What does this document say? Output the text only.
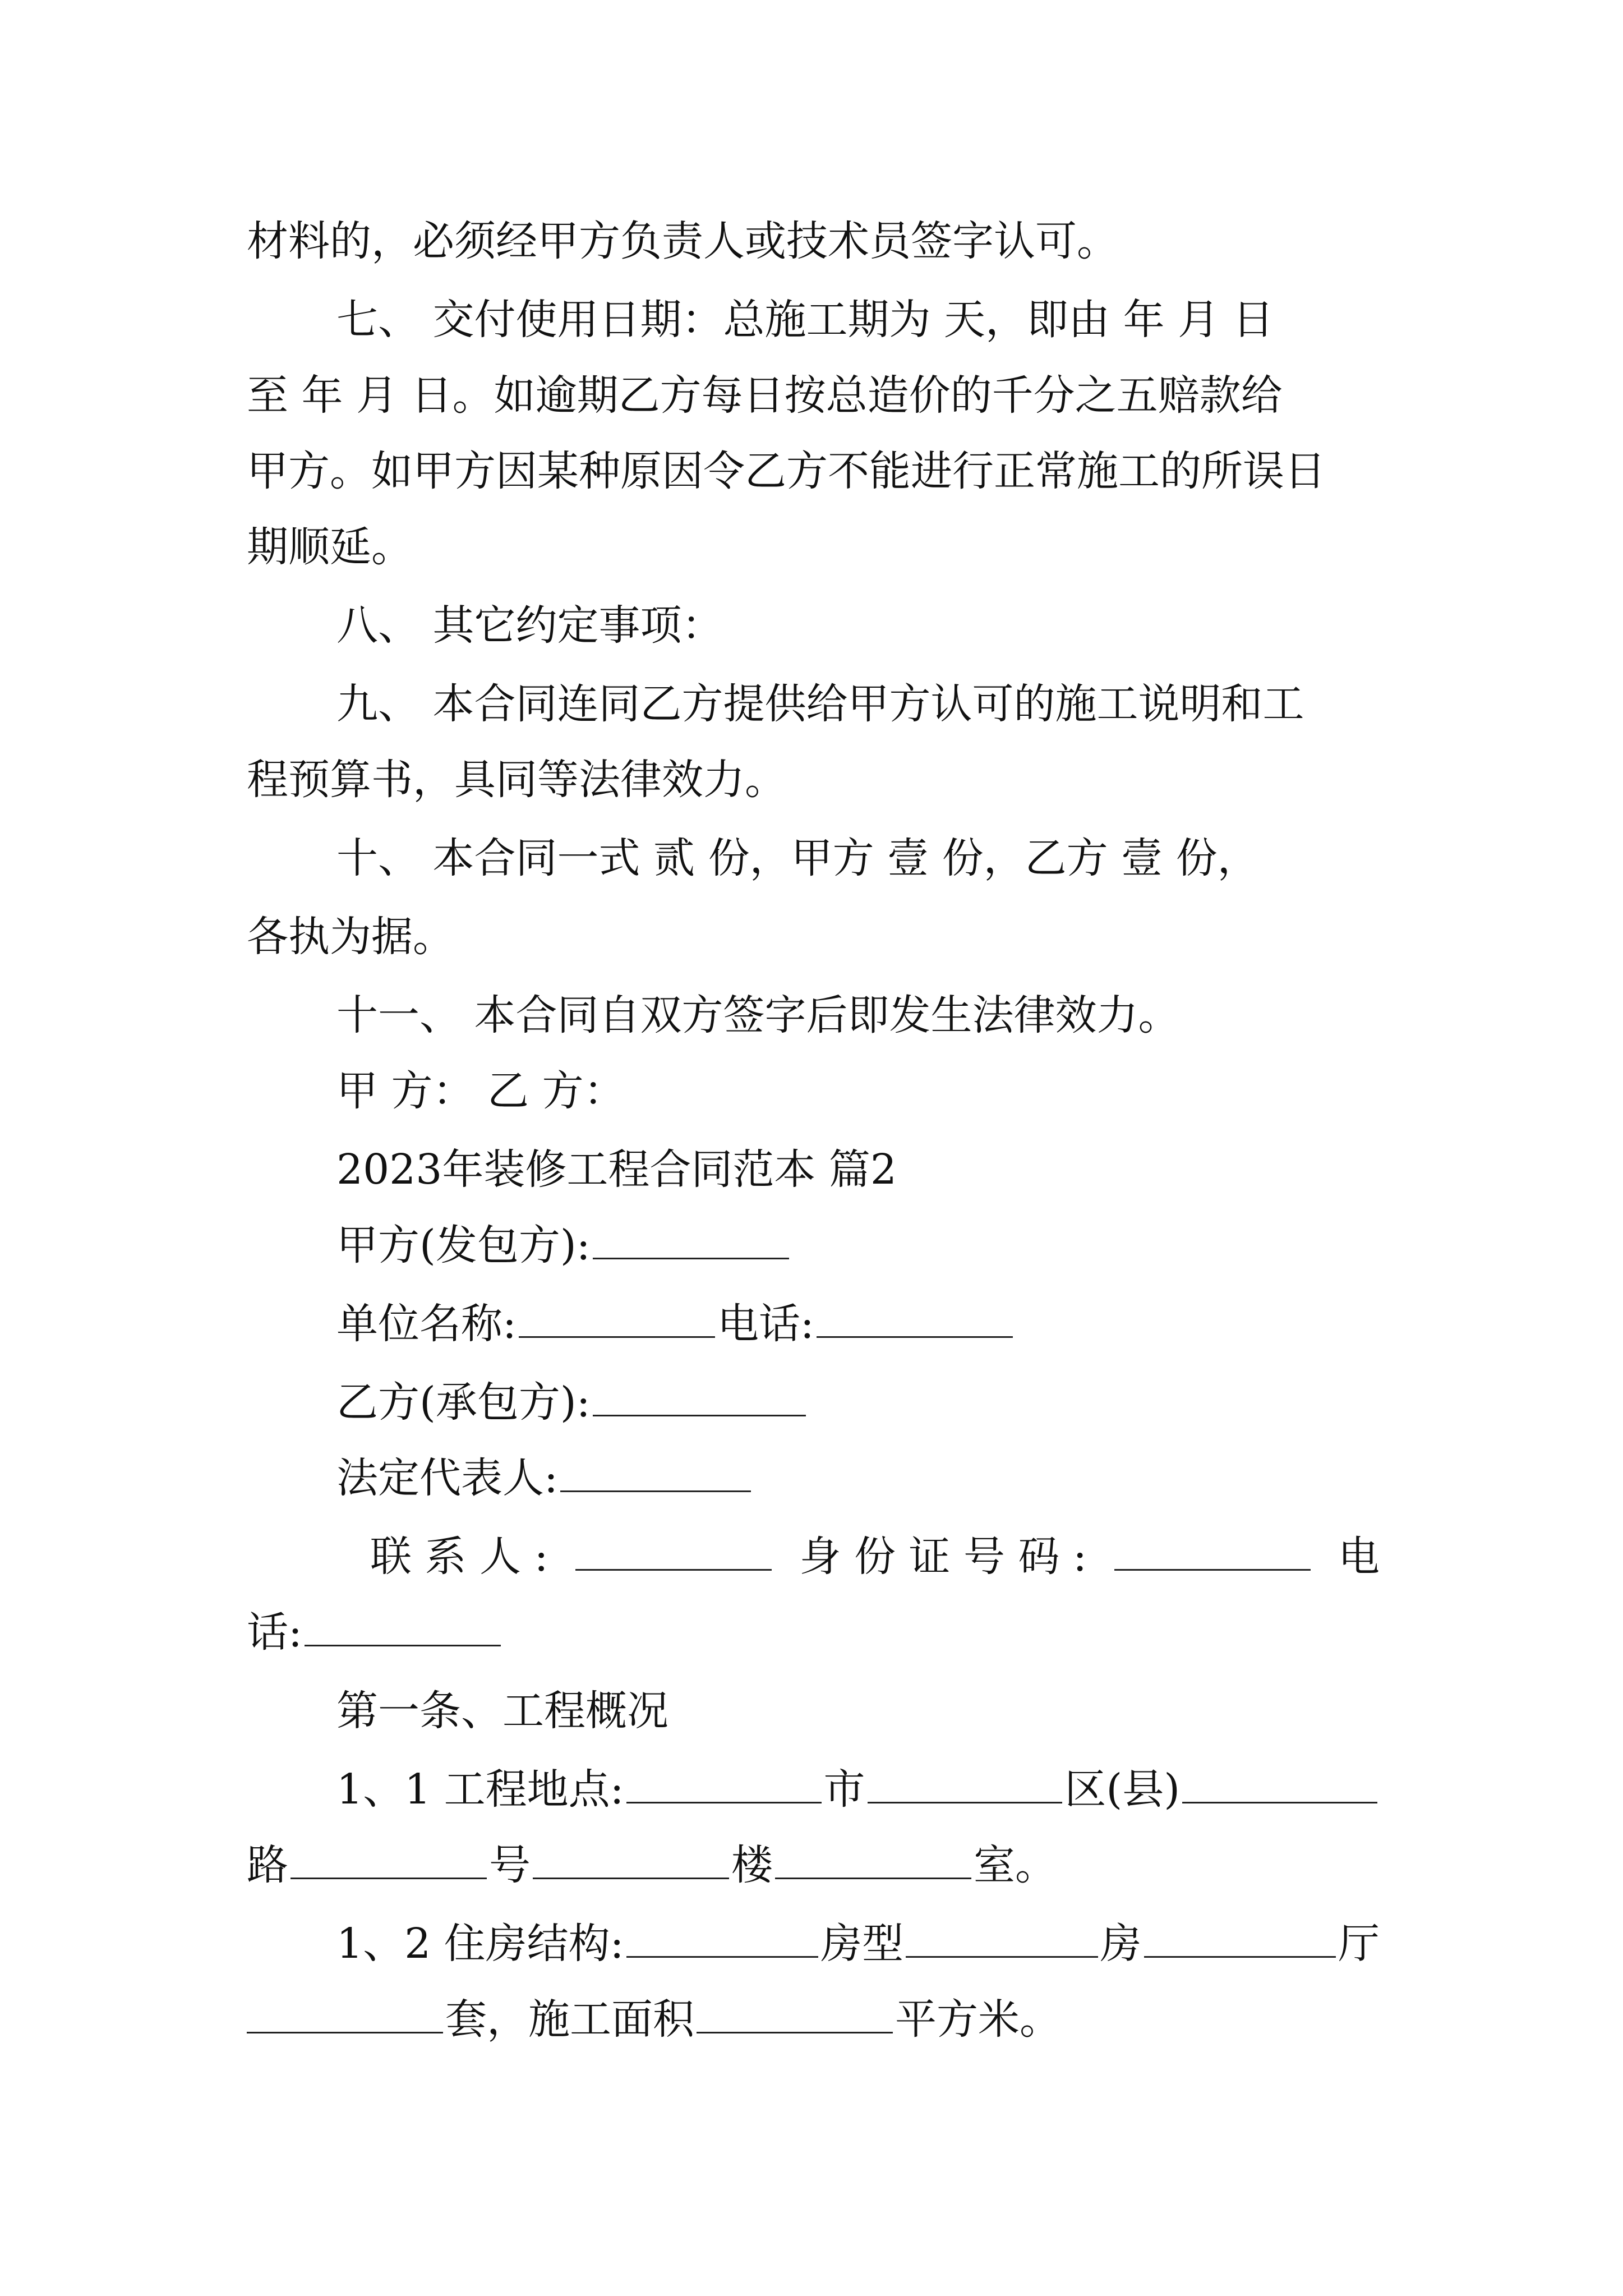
材料的，必须经甲方负责人或技术员签字认可。
七、 交付使用日期：总施工期为 天，即由 年 月 日
至 年 月 日。如逾期乙方每日按总造价的千分之五赔款给
甲方。如甲方因某种原因令乙方不能进行正常施工的所误日
期顺延。
八、 其它约定事项：
九、 本合同连同乙方提供给甲方认可的施工说明和工
程预算书，具同等法律效力。
十、 本合同一式 贰 份，甲方 壹 份，乙方 壹 份，
各执为据。
十一、 本合同自双方签字后即发生法律效力。
甲 方： 乙 方：
2023年装修工程合同范本 篇2
甲方(发包方):
单位名称:	电话:
乙方(承包方):
法定代表人:
联 系 人 :	身 份 证 号 码 :	电
话:
第一条、工程概况
1、1 工程地点:	市	区(县)
路	号	楼	室。
1、2 住房结构:	房型	房	厅
套，施工面积	平方米。
